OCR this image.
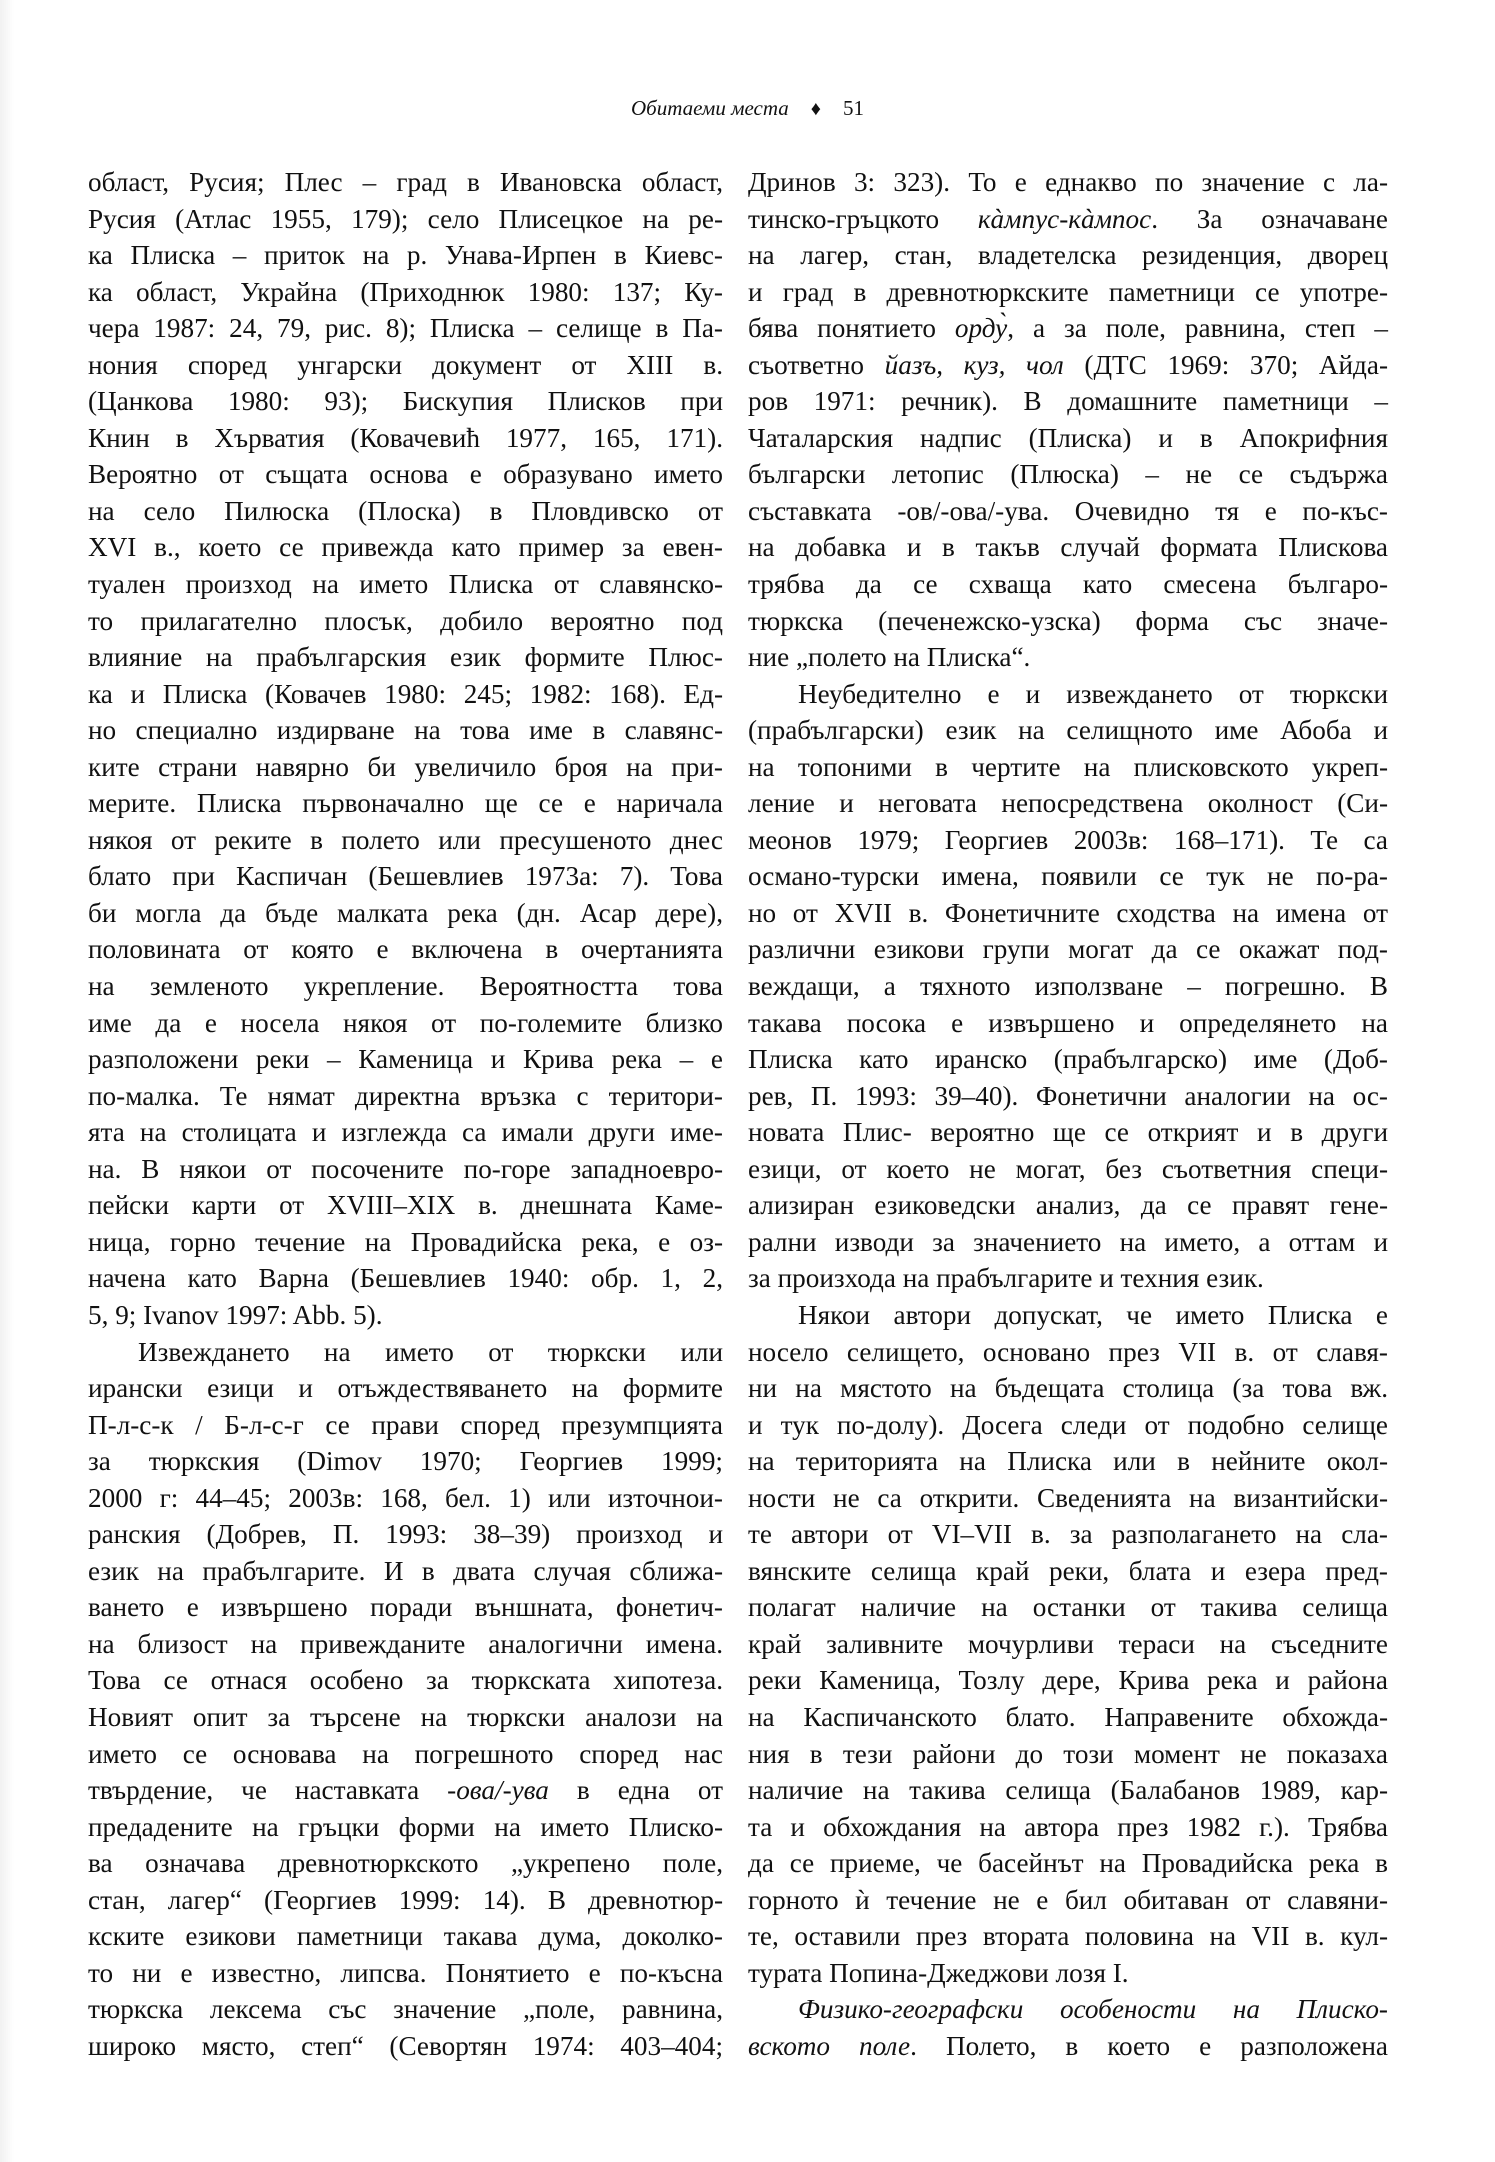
Обитаеми места ♦ 51
област, Русия; Плес – град в Ивановска област,
Русия (Атлас 1955, 179); село Плисецкое на ре-
ка Плиска – приток на р. Унава-Ирпен в Киевс-
ка област, Украйна (Приходнюк 1980: 137; Ку-
чера 1987: 24, 79, рис. 8); Плиска – селище в Па-
нония според унгарски документ от XIII в.
(Цанкова 1980: 93); Бискупия Плисков при
Книн в Хърватия (Ковачевић 1977, 165, 171).
Вероятно от същата основа е образувано името
на село Пилюска (Плоска) в Пловдивско от
XVI в., което се привежда като пример за евен-
туален произход на името Плиска от славянско-
то прилагателно плосък, добило вероятно под
влияние на прабългарския език формите Плюс-
ка и Плиска (Ковачев 1980: 245; 1982: 168). Ед-
но специално издирване на това име в славянс-
ките страни навярно би увеличило броя на при-
мерите. Плиска първоначално ще се е наричала
някоя от реките в полето или пресушеното днес
блато при Каспичан (Бешевлиев 1973а: 7). Това
би могла да бъде малката река (дн. Асар дере),
половината от която е включена в очертанията
на земленото укрепление. Вероятността това
име да е носела някоя от по-големите близко
разположени реки – Каменица и Крива река – е
по-малка. Те нямат директна връзка с територи-
ята на столицата и изглежда са имали други име-
на. В някои от посочените по-горе западноевро-
пейски карти от XVIII–XIX в. днешната Каме-
ница, горно течение на Провадийска река, е оз-
начена като Варна (Бешевлиев 1940: обр. 1, 2,
5, 9; Ivanov 1997: Abb. 5).
Извеждането на името от тюркски или
ирански езици и отъждествяването на формите
П-л-с-к / Б-л-с-г се прави според презумпцията
за тюркския (Dimov 1970; Георгиев 1999;
2000 г: 44–45; 2003в: 168, бел. 1) или източнои-
ранския (Добрев, П. 1993: 38–39) произход и
език на прабългарите. И в двата случая сближа-
ването е извършено поради външната, фонетич-
на близост на привежданите аналогични имена.
Това се отнася особено за тюркската хипотеза.
Новият опит за търсене на тюркски аналози на
името се основава на погрешното според нас
твърдение, че наставката -ова/-ува в една от
предадените на гръцки форми на името Плиско-
ва означава древнотюркското „укрепено поле,
стан, лагер“ (Георгиев 1999: 14). В древнотюр-
кските езикови паметници такава дума, доколко-
то ни е известно, липсва. Понятието е по-късна
тюркска лексема със значение „поле, равнина,
широко място, степ“ (Севортян 1974: 403–404;
Дринов 3: 323). То е еднакво по значение с ла-
тинско-гръцкото кàмпус-кàмпос. За означаване
на лагер, стан, владетелска резиденция, дворец
и град в древнотюркските паметници се употре-
бява понятието орду̀, а за поле, равнина, степ –
съответно йазъ, куз, чол (ДТС 1969: 370; Айда-
ров 1971: речник). В домашните паметници –
Чаталарския надпис (Плиска) и в Апокрифния
български летопис (Плюска) – не се съдържа
съставката -ов/-ова/-ува. Очевидно тя е по-къс-
на добавка и в такъв случай формата Плискова
трябва да се схваща като смесена българо-
тюркска (печенежско-узска) форма със значе-
ние „полето на Плиска“.
Неубедително е и извеждането от тюркски
(прабългарски) език на селищното име Абоба и
на топоними в чертите на плисковското укреп-
ление и неговата непосредствена околност (Си-
меонов 1979; Георгиев 2003в: 168–171). Те са
османо-турски имена, появили се тук не по-ра-
но от XVII в. Фонетичните сходства на имена от
различни езикови групи могат да се окажат под-
веждащи, а тяхното използване – погрешно. В
такава посока е извършено и определянето на
Плиска като иранско (прабългарско) име (Доб-
рев, П. 1993: 39–40). Фонетични аналогии на ос-
новата Плис- вероятно ще се открият и в други
езици, от което не могат, без съответния специ-
ализиран езиковедски анализ, да се правят гене-
рални изводи за значението на името, а оттам и
за произхода на прабългарите и техния език.
Някои автори допускат, че името Плиска е
носело селището, основано през VII в. от славя-
ни на мястото на бъдещата столица (за това вж.
и тук по-долу). Досега следи от подобно селище
на територията на Плиска или в нейните окол-
ности не са открити. Сведенията на византийски-
те автори от VI–VII в. за разполагането на сла-
вянските селища край реки, блата и езера пред-
полагат наличие на останки от такива селища
край заливните мочурливи тераси на съседните
реки Каменица, Тозлу дере, Крива река и района
на Каспичанското блато. Направените обхожда-
ния в тези райони до този момент не показаха
наличие на такива селища (Балабанов 1989, кар-
та и обхождания на автора през 1982 г.). Трябва
да се приеме, че басейнът на Провадийска река в
горното ѝ течение не е бил обитаван от славяни-
те, оставили през втората половина на VII в. кул-
турата Попина-Джеджови лозя I.
Физико-географски особености на Плиско-
вското поле. Полето, в което е разположена
